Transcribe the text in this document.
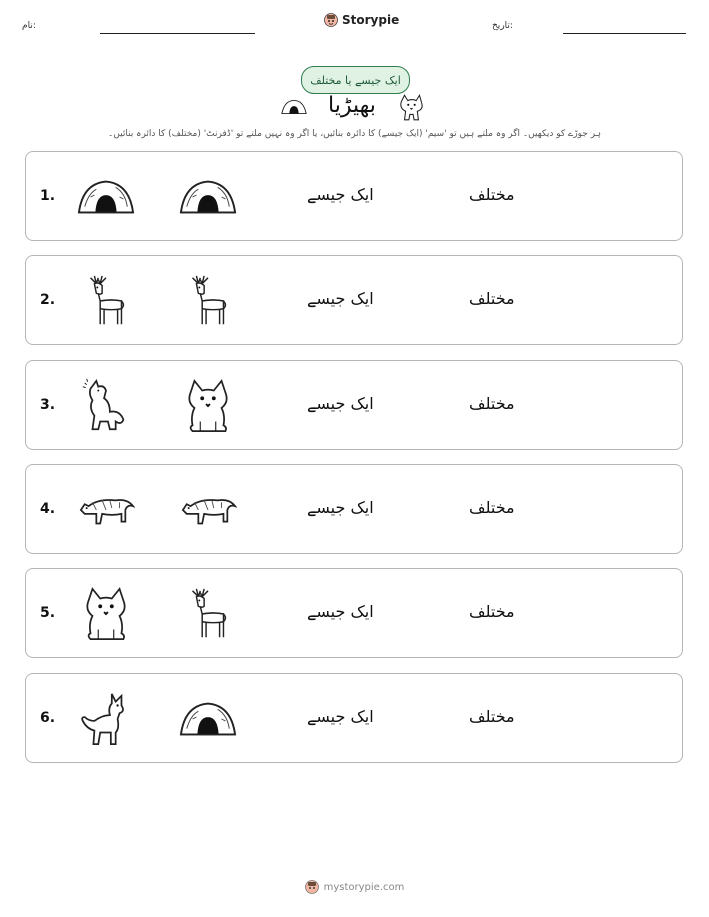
نام:	Storypie	تاریخ:
ایک جیسے یا مختلف
بھیڑیا
ہر جوڑے کو دیکھیں۔ اگر وہ ملتے ہیں تو 'سیم' (ایک جیسے) کا دائرہ بنائیں، یا اگر وہ نہیں ملتے تو 'ڈفرنٹ' (مختلف) کا دائرہ بنائیں۔
1.	ایک جیسے	مختلف
2.	ایک جیسے	مختلف
3.	ایک جیسے	مختلف
4.	ایک جیسے	مختلف
5.	ایک جیسے	مختلف
6.	ایک جیسے	مختلف
mystorypie.com
